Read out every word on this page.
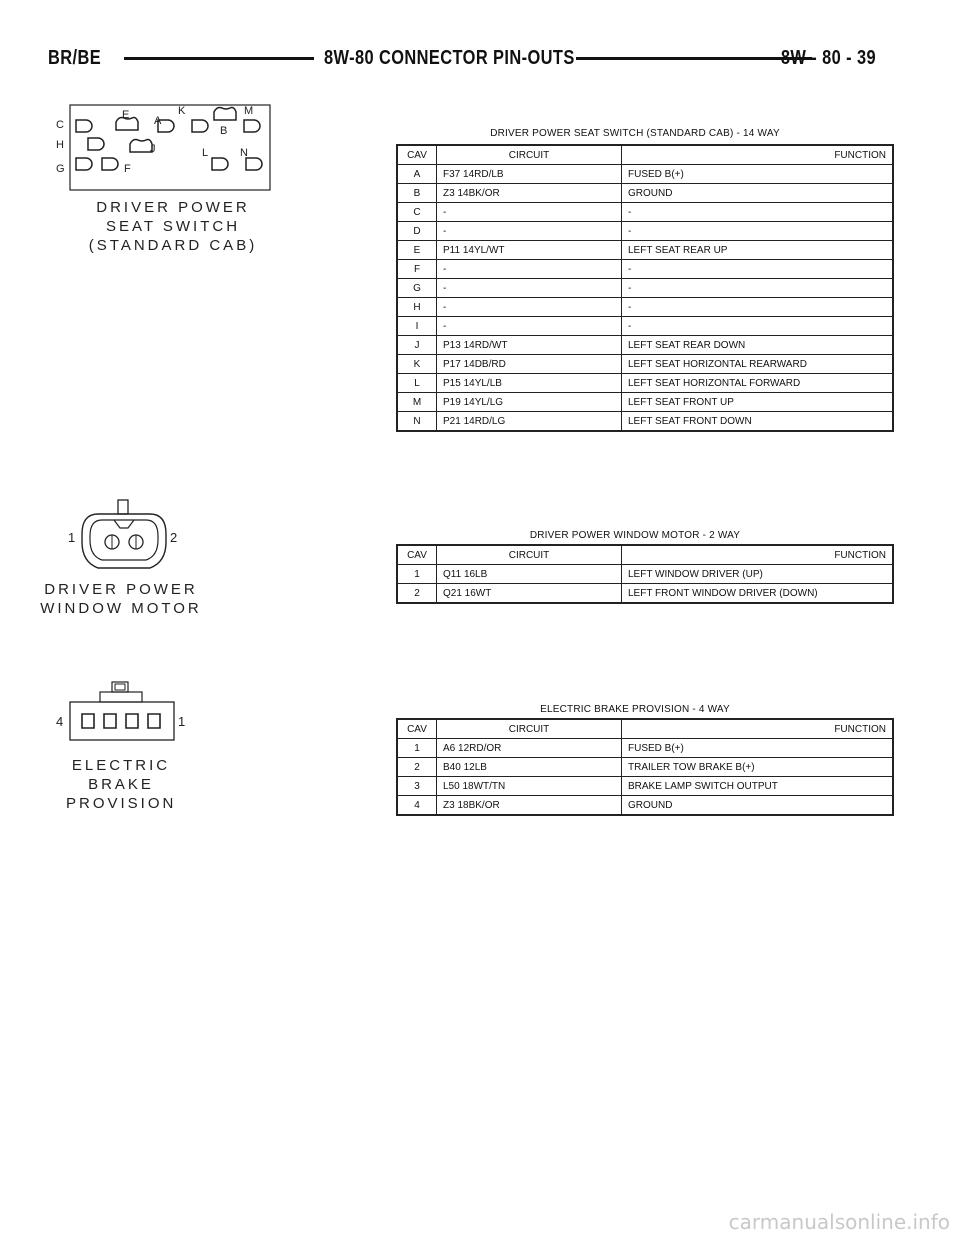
BR/BE	8W-80 CONNECTOR PIN-OUTS	8W - 80 - 39
C
E A
K	M
B
H	J	L	N
G	F
DRIVER POWER
SEAT SWITCH
(STANDARD CAB)
DRIVER POWER SEAT SWITCH (STANDARD CAB) - 14 WAY
CAV	CIRCUIT	FUNCTION
A	F37 14RD/LB	FUSED B(+)
B	Z3 14BK/OR	GROUND
C	-	-
D	-	-
E	P11 14YL/WT	LEFT SEAT REAR UP
F	-	-
G	-	-
H	-	-
I	-	-
J	P13 14RD/WT	LEFT SEAT REAR DOWN
K	P17 14DB/RD	LEFT SEAT HORIZONTAL REARWARD
L	P15 14YL/LB	LEFT SEAT HORIZONTAL FORWARD
M	P19 14YL/LG	LEFT SEAT FRONT UP
N	P21 14RD/LG	LEFT SEAT FRONT DOWN
1	2
DRIVER POWER
WINDOW MOTOR
DRIVER POWER WINDOW MOTOR - 2 WAY
CAV	CIRCUIT	FUNCTION
1	Q11 16LB	LEFT WINDOW DRIVER (UP)
2	Q21 16WT	LEFT FRONT WINDOW DRIVER (DOWN)
4	1
ELECTRIC
BRAKE
PROVISION
ELECTRIC BRAKE PROVISION - 4 WAY
CAV	CIRCUIT	FUNCTION
1	A6 12RD/OR	FUSED B(+)
2	B40 12LB	TRAILER TOW BRAKE B(+)
3	L50 18WT/TN	BRAKE LAMP SWITCH OUTPUT
4	Z3 18BK/OR	GROUND
carmanualsonline.info
